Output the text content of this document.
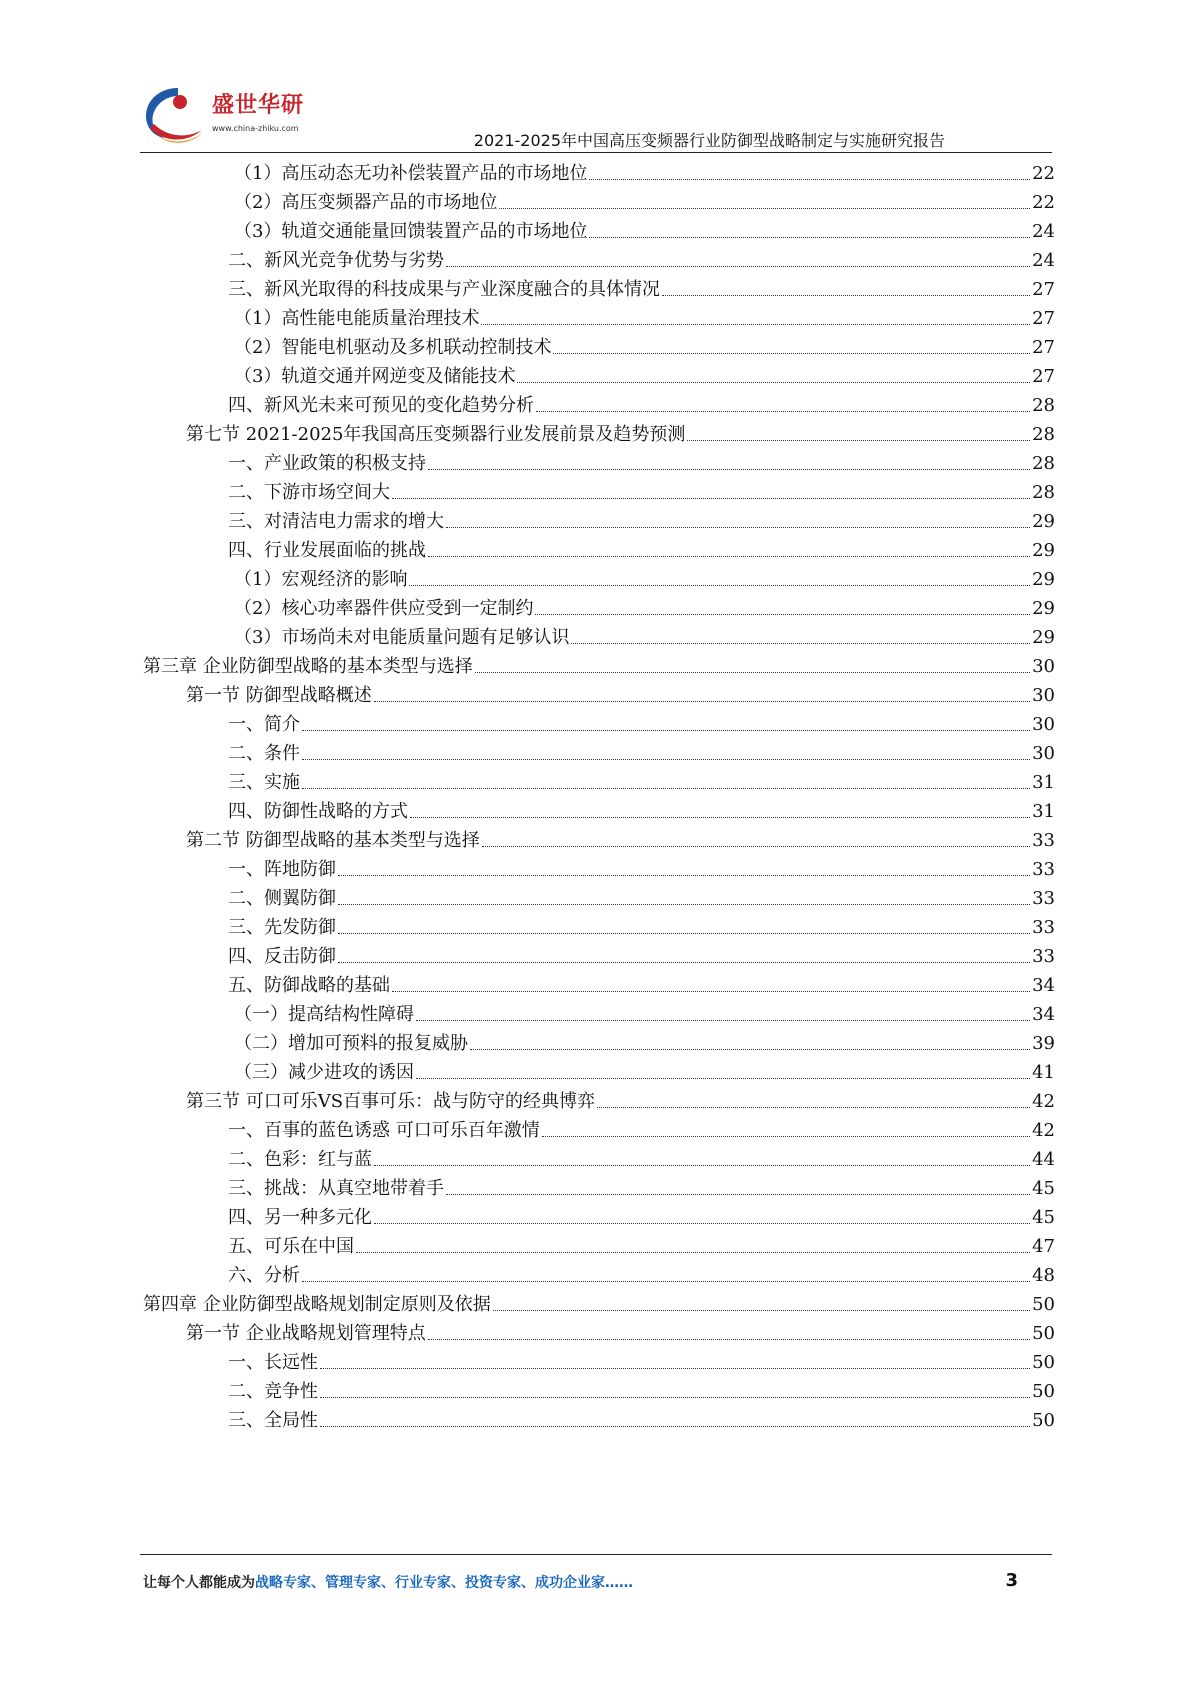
盛世华研
www.china-zhiku.com
2021-2025年中国高压变频器行业防御型战略制定与实施研究报告
（1）高压动态无功补偿装置产品的市场地位	22
（2）高压变频器产品的市场地位	22
（3）轨道交通能量回馈装置产品的市场地位	24
二、新风光竞争优势与劣势	24
三、新风光取得的科技成果与产业深度融合的具体情况	27
（1）高性能电能质量治理技术	27
（2）智能电机驱动及多机联动控制技术	27
（3）轨道交通并网逆变及储能技术	27
四、新风光未来可预见的变化趋势分析	28
第七节 2021-2025年我国高压变频器行业发展前景及趋势预测	28
一、产业政策的积极支持	28
二、下游市场空间大	28
三、对清洁电力需求的增大	29
四、行业发展面临的挑战	29
（1）宏观经济的影响	29
（2）核心功率器件供应受到一定制约	29
（3）市场尚未对电能质量问题有足够认识	29
第三章 企业防御型战略的基本类型与选择	30
第一节 防御型战略概述	30
一、简介	30
二、条件	30
三、实施	31
四、防御性战略的方式	31
第二节 防御型战略的基本类型与选择	33
一、阵地防御	33
二、侧翼防御	33
三、先发防御	33
四、反击防御	33
五、防御战略的基础	34
（一）提高结构性障碍	34
（二）增加可预料的报复威胁	39
（三）减少进攻的诱因	41
第三节 可口可乐VS百事可乐：战与防守的经典博弈	42
一、百事的蓝色诱惑 可口可乐百年激情	42
二、色彩：红与蓝	44
三、挑战：从真空地带着手	45
四、另一种多元化	45
五、可乐在中国	47
六、分析	48
第四章 企业防御型战略规划制定原则及依据	50
第一节 企业战略规划管理特点	50
一、长远性	50
二、竞争性	50
三、全局性	50
让每个人都能成为战略专家、管理专家、行业专家、投资专家、成功企业家……	3
